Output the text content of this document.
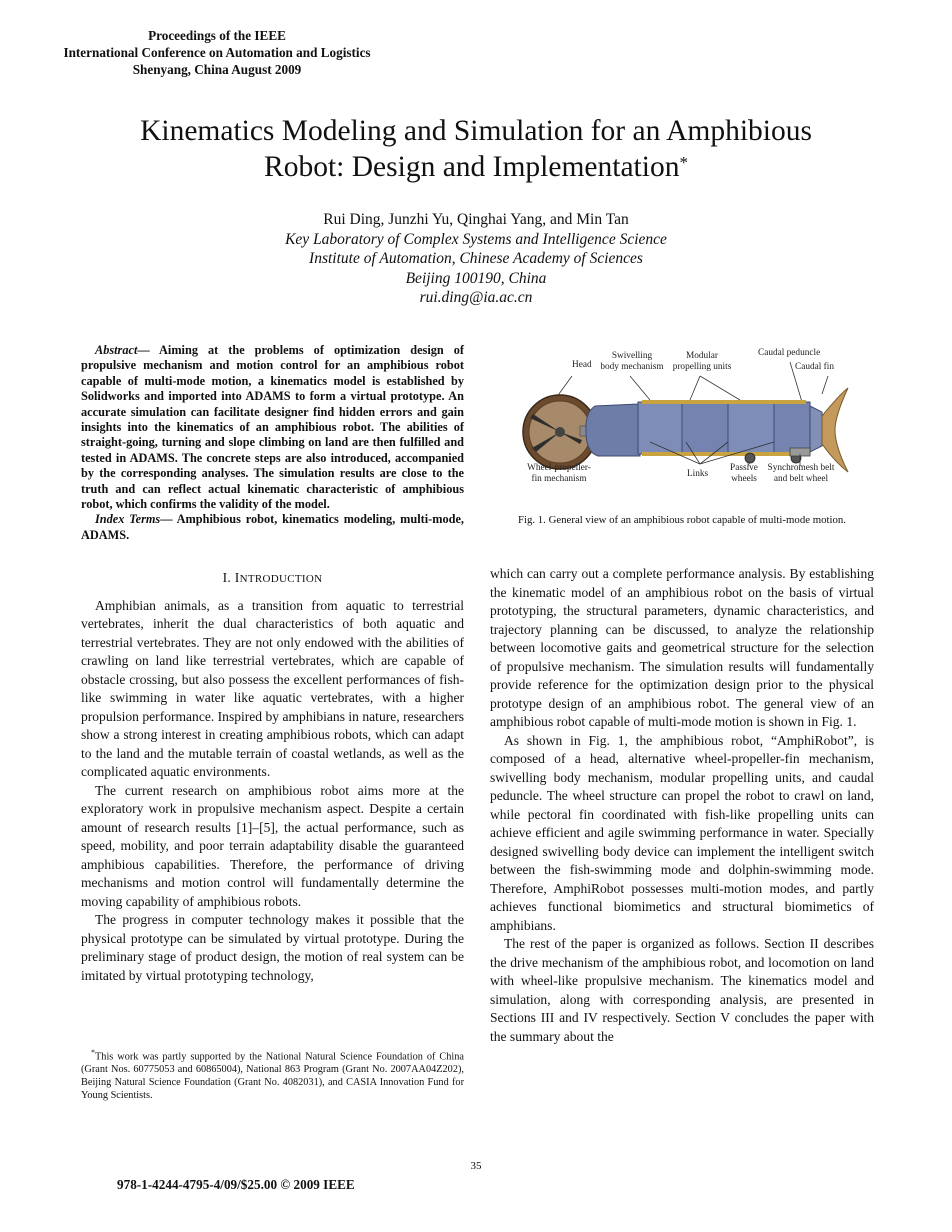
Proceedings of the IEEE
International Conference on Automation and Logistics
Shenyang, China August 2009
Kinematics Modeling and Simulation for an Amphibious
Robot: Design and Implementation*
Rui Ding, Junzhi Yu, Qinghai Yang, and Min Tan
Key Laboratory of Complex Systems and Intelligence Science
Institute of Automation, Chinese Academy of Sciences
Beijing 100190, China
rui.ding@ia.ac.cn

Abstract— Aiming at the problems of optimization design of propulsive mechanism and motion control for an amphibious robot capable of multi-mode motion, a kinematics model is established by Solidworks and imported into ADAMS to form a virtual prototype. An accurate simulation can facilitate designer find hidden errors and gain insights into the kinematics of an amphibious robot. The abilities of straight-going, turning and slope climbing on land are then fulfilled and tested in ADAMS. The concrete steps are also introduced, accompanied by the corresponding analyses. The simulation results are close to the truth and can reflect actual kinematic characteristic of amphibious robot, which confirms the validity of the model.

Index Terms— Amphibious robot, kinematics modeling, multi-mode, ADAMS.

I. INTRODUCTION

Amphibian animals, as a transition from aquatic to terrestrial vertebrates, inherit the dual characteristics of both aquatic and terrestrial vertebrates. They are not only endowed with the abilities of crawling on land like terrestrial vertebrates, which are capable of obstacle crossing, but also possess the excellent performances of fish-like swimming in water like aquatic vertebrates, with a higher propulsion performance. Inspired by amphibians in nature, researchers show a strong interest in creating amphibious robots, which can adapt to the land and the mutable terrain of coastal wetlands, as well as the complicated aquatic environments.

The current research on amphibious robot aims more at the exploratory work in propulsive mechanism aspect. Despite a certain amount of research results [1]–[5], the actual performance, such as speed, mobility, and poor terrain adaptability disable the guaranteed amphibious capabilities. Therefore, the performance of driving mechanisms and motion control will fundamentally determine the moving capability of amphibious robots.

The progress in computer technology makes it possible that the physical prototype can be simulated by virtual prototype. During the preliminary stage of product design, the motion of real system can be imitated by virtual prototyping technology,

*This work was partly supported by the National Natural Science Foundation of China (Grant Nos. 60775053 and 60865004), National 863 Program (Grant No. 2007AA04Z202), Beijing Natural Science Foundation (Grant No. 4082031), and CASIA Innovation Fund for Young Scientists.
Head
Swivelling
body mechanism
Modular
propelling units
Caudal peduncle
Caudal fin
Wheel-propeller-
fin mechanism	Links
Passive
wheels
Synchromesh belt
and belt wheel
Fig. 1. General view of an amphibious robot capable of multi-mode motion.

which can carry out a complete performance analysis. By establishing the kinematic model of an amphibious robot on the basis of virtual prototyping, the structural parameters, dynamic characteristics, and trajectory planning can be discussed, to analyze the relationship between locomotive gaits and geometrical structure for the selection of propulsive mechanism. The simulation results will fundamentally provide reference for the optimization design prior to the physical prototype design of an amphibious robot. The general view of an amphibious robot capable of multi-mode motion is shown in Fig. 1.

As shown in Fig. 1, the amphibious robot, “AmphiRobot”, is composed of a head, alternative wheel-propeller-fin mechanism, swivelling body mechanism, modular propelling units, and caudal peduncle. The wheel structure can propel the robot to crawl on land, while pectoral fin coordinated with fish-like propelling units can achieve efficient and agile swimming performance in water. Specially designed swivelling body device can implement the intelligent switch between the fish-swimming mode and dolphin-swimming mode. Therefore, AmphiRobot possesses multi-motion modes, and partly achieves functional biomimetics and structural biomimetics of amphibians.

The rest of the paper is organized as follows. Section II describes the drive mechanism of the amphibious robot, and locomotion on land with wheel-like propulsive mechanism. The kinematics model and simulation, along with corresponding analysis, are presented in Sections III and IV respectively. Section V concludes the paper with the summary about the

35
978-1-4244-4795-4/09/$25.00 © 2009 IEEE
